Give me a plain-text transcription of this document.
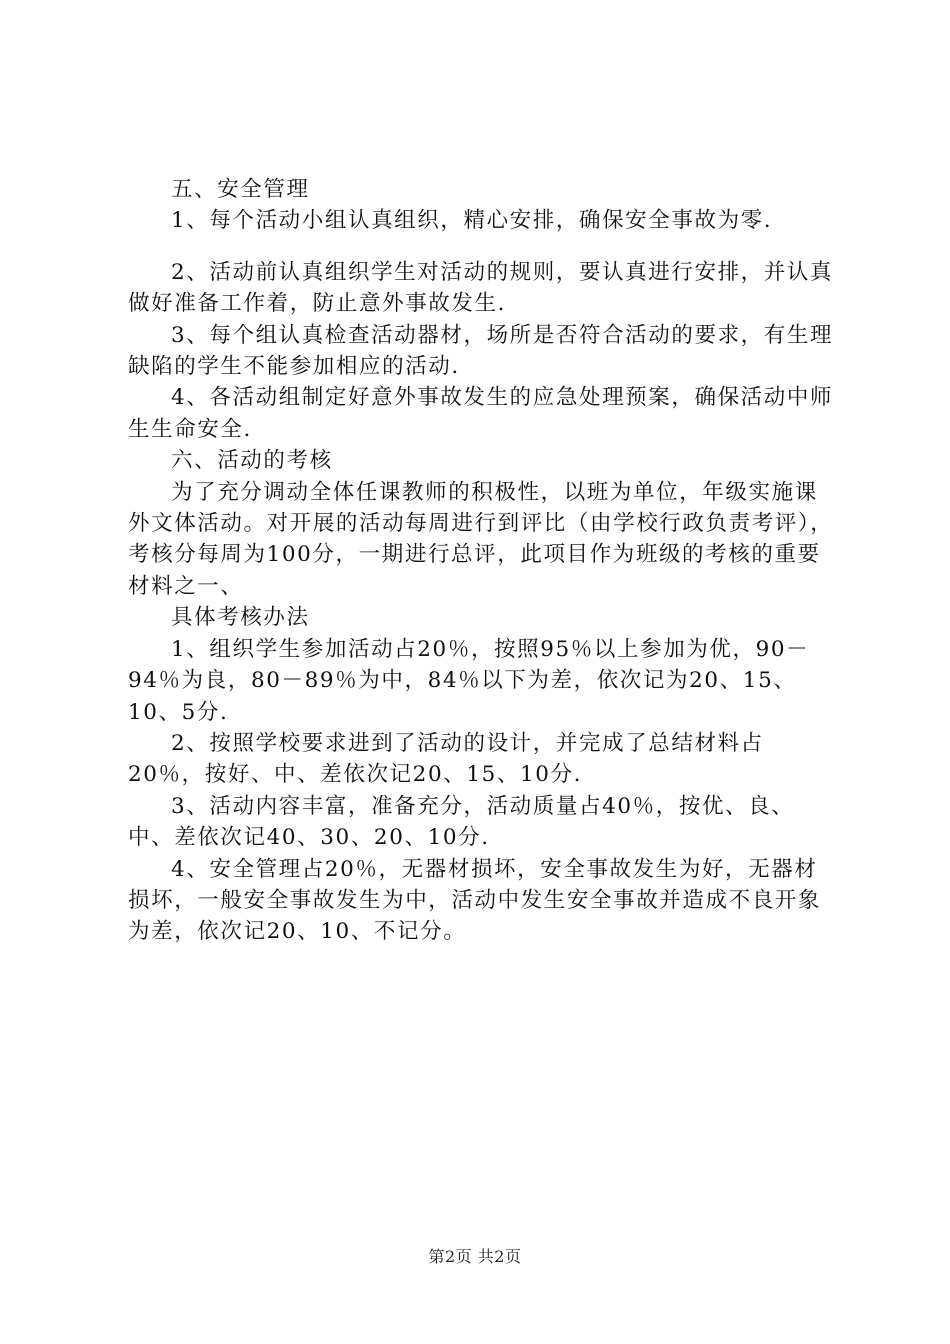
五、安全管理

1、每个活动小组认真组织，精心安排，确保安全事故为零.

2、活动前认真组织学生对活动的规则，要认真进行安排，并认真做好准备工作着，防止意外事故发生.

3、每个组认真检查活动器材，场所是否符合活动的要求，有生理缺陷的学生不能参加相应的活动.

4、各活动组制定好意外事故发生的应急处理预案，确保活动中师生生命安全.

六、活动的考核

为了充分调动全体任课教师的积极性，以班为单位，年级实施课外文体活动。对开展的活动每周进行到评比（由学校行政负责考评），考核分每周为100分，一期进行总评，此项目作为班级的考核的重要材料之一、

具体考核办法

1、组织学生参加活动占20％，按照95％以上参加为优，90－94％为良，80－89％为中，84％以下为差，依次记为20、15、10、5分.

2、按照学校要求进到了活动的设计，并完成了总结材料占20％，按好、中、差依次记20、15、10分.

3、活动内容丰富，准备充分，活动质量占40％，按优、良、中、差依次记40、30、20、10分.

4、安全管理占20％，无器材损坏，安全事故发生为好，无器材损坏，一般安全事故发生为中，活动中发生安全事故并造成不良开象为差，依次记20、10、不记分。

第2页 共2页
